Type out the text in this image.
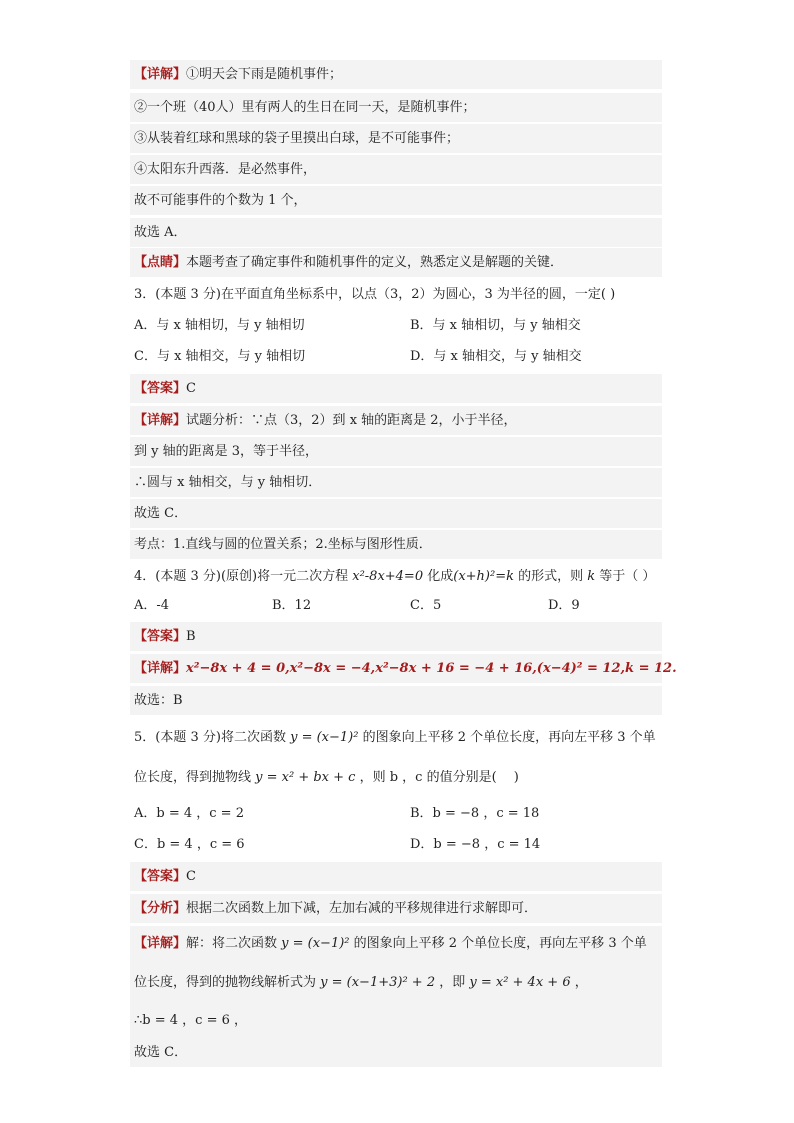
【详解】①明天会下雨是随机事件；
②一个班（40人）里有两人的生日在同一天，是随机事件；
③从装着红球和黑球的袋子里摸出白球，是不可能事件；
④太阳东升西落．是必然事件，
故不可能事件的个数为 1 个，
故选 A．
【点睛】本题考查了确定事件和随机事件的定义，熟悉定义是解题的关键．
3．(本题 3 分)在平面直角坐标系中，以点（3，2）为圆心，3 为半径的圆，一定( )
A．与 x 轴相切，与 y 轴相切	B．与 x 轴相切，与 y 轴相交
C．与 x 轴相交，与 y 轴相切	D．与 x 轴相交，与 y 轴相交
【答案】C
【详解】试题分析：∵点（3，2）到 x 轴的距离是 2，小于半径，
到 y 轴的距离是 3，等于半径，
∴圆与 x 轴相交，与 y 轴相切．
故选 C．
考点：1.直线与圆的位置关系；2.坐标与图形性质．
4．(本题 3 分)(原创)将一元二次方程 x²-8x+4=0 化成(x+h)²=k 的形式，则 k 等于（ ）
A．-4	B．12	C．5	D．9
【答案】B
【详解】x²−8x + 4 = 0,x²−8x = −4,x²−8x + 16 = −4 + 16,(x−4)² = 12,k = 12.
故选：B
5．(本题 3 分)将二次函数 y = (x−1)² 的图象向上平移 2 个单位长度，再向左平移 3 个单
位长度，得到抛物线 y = x² + bx + c ，则 b ，c 的值分别是(　 )
A．b = 4 ，c = 2	B．b = −8 ，c = 18
C．b = 4 ，c = 6	D．b = −8 ，c = 14
【答案】C
【分析】根据二次函数上加下减，左加右减的平移规律进行求解即可．
【详解】解：将二次函数 y = (x−1)² 的图象向上平移 2 个单位长度，再向左平移 3 个单
位长度，得到的抛物线解析式为 y = (x−1+3)² + 2 ，即 y = x² + 4x + 6 ，
∴b = 4 ，c = 6 ，
故选 C．
